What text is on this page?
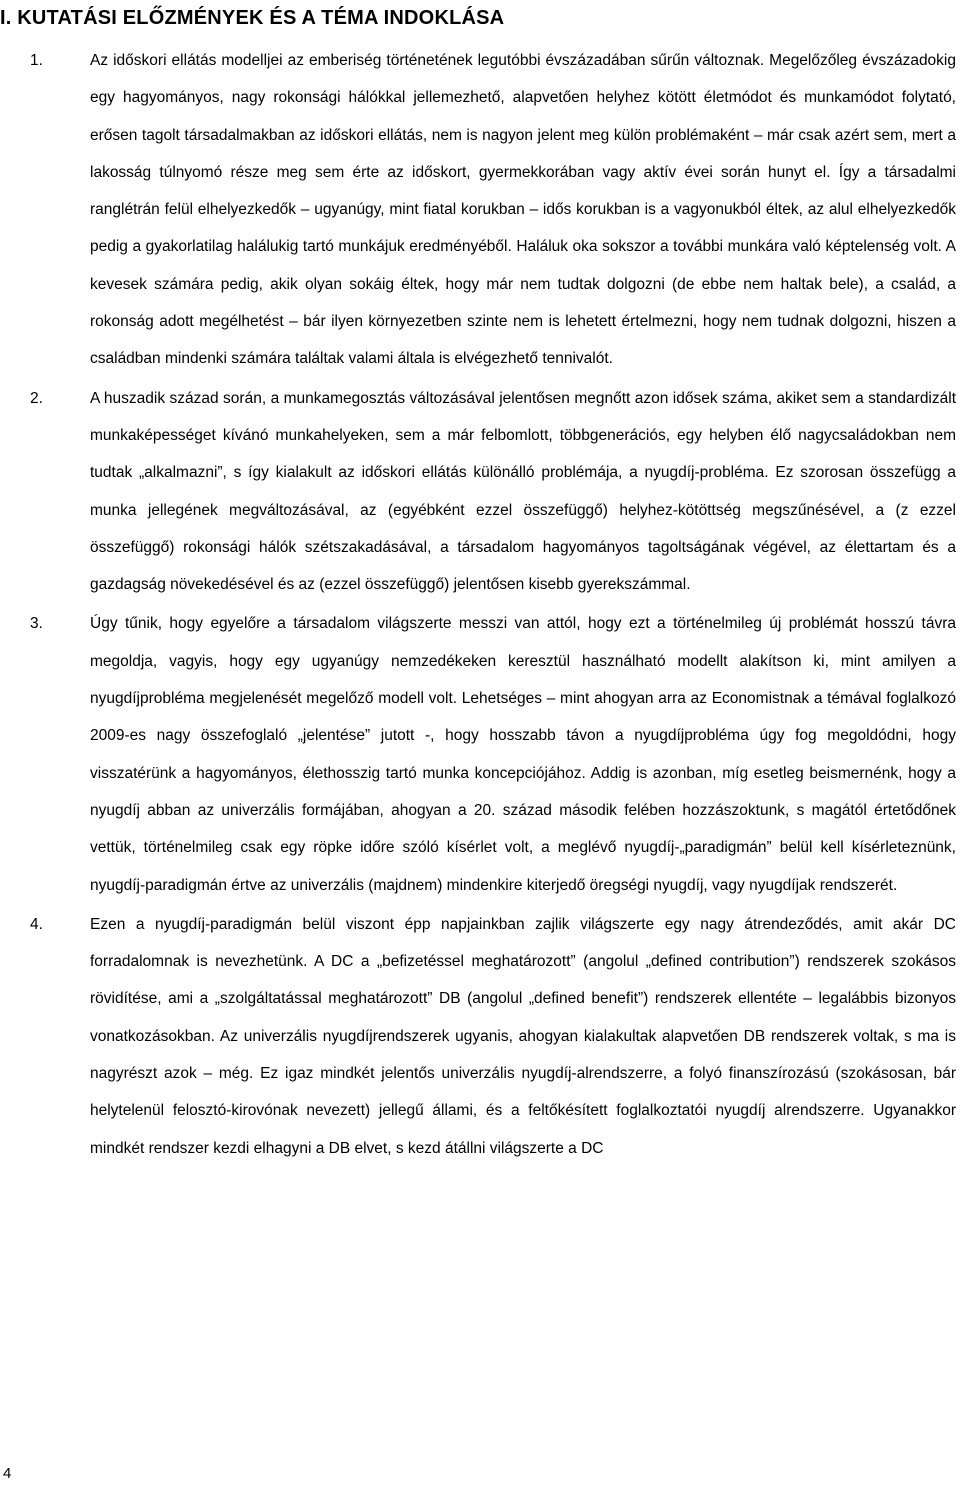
I. KUTATÁSI ELŐZMÉNYEK ÉS A TÉMA INDOKLÁSA
1.	Az időskori ellátás modelljei az emberiség történetének legutóbbi évszázadában sűrűn változnak. Megelőzőleg évszázadokig egy hagyományos, nagy rokonsági hálókkal jellemezhető, alapvetően helyhez kötött életmódot és munkamódot folytató, erősen tagolt társadalmakban az időskori ellátás, nem is nagyon jelent meg külön problémaként – már csak azért sem, mert a lakosság túlnyomó része meg sem érte az időskort, gyermekkorában vagy aktív évei során hunyt el. Így a társadalmi ranglétrán felül elhelyezkedők – ugyanúgy, mint fiatal korukban – idős korukban is a vagyonukból éltek, az alul elhelyezkedők pedig a gyakorlatilag halálukig tartó munkájuk eredményéből. Haláluk oka sokszor a további munkára való képtelenség volt. A kevesek számára pedig, akik olyan sokáig éltek, hogy már nem tudtak dolgozni (de ebbe nem haltak bele), a család, a rokonság adott megélhetést – bár ilyen környezetben szinte nem is lehetett értelmezni, hogy nem tudnak dolgozni, hiszen a családban mindenki számára találtak valami általa is elvégezhető tennivalót.

2.	A huszadik század során, a munkamegosztás változásával jelentősen megnőtt azon idősek száma, akiket sem a standardizált munkaképességet kívánó munkahelyeken, sem a már felbomlott, többgenerációs, egy helyben élő nagycsaládokban nem tudtak „alkalmazni”, s így kialakult az időskori ellátás különálló problémája, a nyugdíj-probléma. Ez szorosan összefügg a munka jellegének megváltozásával, az (egyébként ezzel összefüggő) helyhez-kötöttség megszűnésével, a (z ezzel összefüggő) rokonsági hálók szétszakadásával, a társadalom hagyományos tagoltságának végével, az élettartam és a gazdagság növekedésével és az (ezzel összefüggő) jelentősen kisebb gyerekszámmal.

3.	Úgy tűnik, hogy egyelőre a társadalom világszerte messzi van attól, hogy ezt a történelmileg új problémát hosszú távra megoldja, vagyis, hogy egy ugyanúgy nemzedékeken keresztül használható modellt alakítson ki, mint amilyen a nyugdíjprobléma megjelenését megelőző modell volt. Lehetséges – mint ahogyan arra az Economistnak a témával foglalkozó 2009-es nagy összefoglaló „jelentése” jutott -, hogy hosszabb távon a nyugdíjprobléma úgy fog megoldódni, hogy visszatérünk a hagyományos, élethosszig tartó munka koncepciójához. Addig is azonban, míg esetleg beismernénk, hogy a nyugdíj abban az univerzális formájában, ahogyan a 20. század második felében hozzászoktunk, s magától értetődőnek vettük, történelmileg csak egy röpke időre szóló kísérlet volt, a meglévő nyugdíj-„paradigmán” belül kell kísérleteznünk, nyugdíj-paradigmán értve az univerzális (majdnem) mindenkire kiterjedő öregségi nyugdíj, vagy nyugdíjak rendszerét.

4.	Ezen a nyugdíj-paradigmán belül viszont épp napjainkban zajlik világszerte egy nagy átrendeződés, amit akár DC forradalomnak is nevezhetünk. A DC a „befizetéssel meghatározott” (angolul „defined contribution”) rendszerek szokásos rövidítése, ami a „szolgáltatással meghatározott” DB (angolul „defined benefit”) rendszerek ellentéte – legalábbis bizonyos vonatkozásokban. Az univerzális nyugdíjrendszerek ugyanis, ahogyan kialakultak alapvetően DB rendszerek voltak, s ma is nagyrészt azok – még. Ez igaz mindkét jelentős univerzális nyugdíj-alrendszerre, a folyó finanszírozású (szokásosan, bár helytelenül felosztó-kirovónak nevezett) jellegű állami, és a feltőkésített foglalkoztatói nyugdíj alrendszerre. Ugyanakkor mindkét rendszer kezdi elhagyni a DB elvet, s kezd átállni világszerte a DC

4
